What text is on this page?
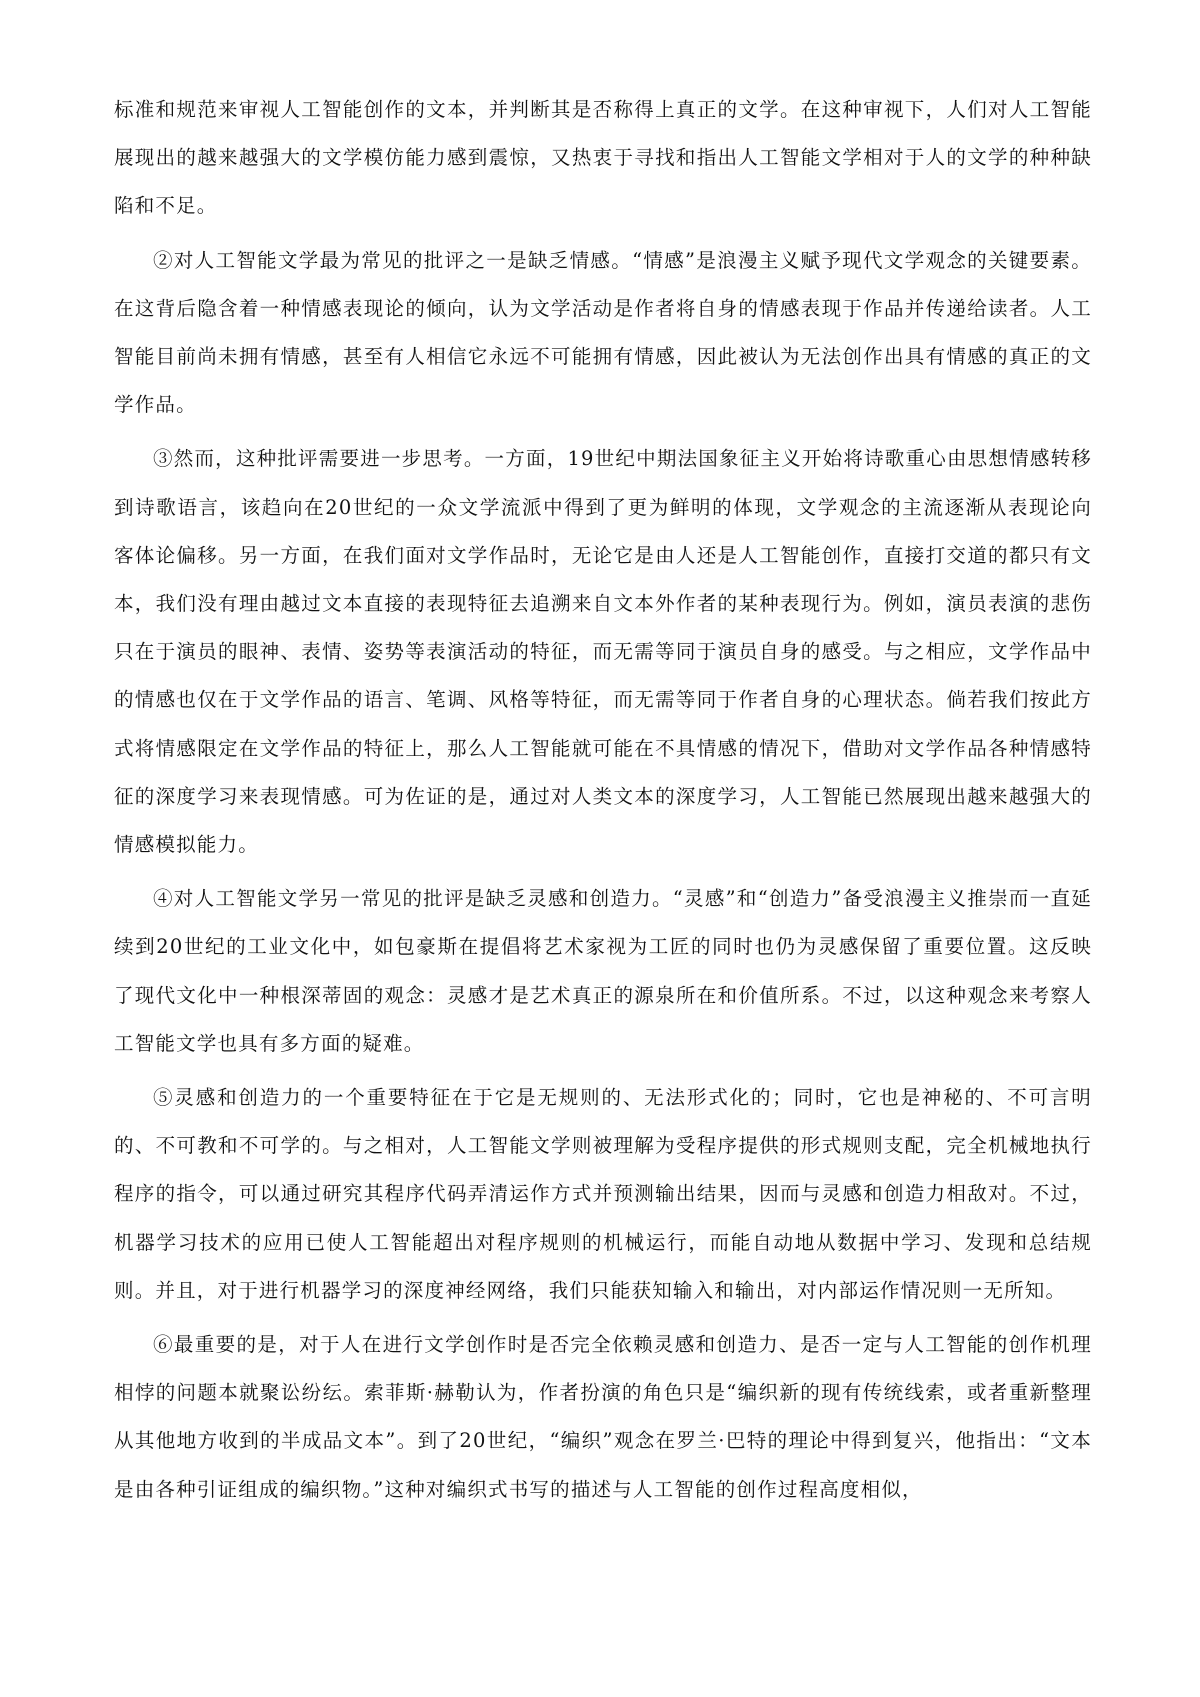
标准和规范来审视人工智能创作的文本，并判断其是否称得上真正的文学。在这种审视下，人们对人工智能展现出的越来越强大的文学模仿能力感到震惊，又热衷于寻找和指出人工智能文学相对于人的文学的种种缺陷和不足。

②对人工智能文学最为常见的批评之一是缺乏情感。“情感”是浪漫主义赋予现代文学观念的关键要素。在这背后隐含着一种情感表现论的倾向，认为文学活动是作者将自身的情感表现于作品并传递给读者。人工智能目前尚未拥有情感，甚至有人相信它永远不可能拥有情感，因此被认为无法创作出具有情感的真正的文学作品。

③然而，这种批评需要进一步思考。一方面，19世纪中期法国象征主义开始将诗歌重心由思想情感转移到诗歌语言，该趋向在20世纪的一众文学流派中得到了更为鲜明的体现，文学观念的主流逐渐从表现论向客体论偏移。另一方面，在我们面对文学作品时，无论它是由人还是人工智能创作，直接打交道的都只有文本，我们没有理由越过文本直接的表现特征去追溯来自文本外作者的某种表现行为。例如，演员表演的悲伤只在于演员的眼神、表情、姿势等表演活动的特征，而无需等同于演员自身的感受。与之相应，文学作品中的情感也仅在于文学作品的语言、笔调、风格等特征，而无需等同于作者自身的心理状态。倘若我们按此方式将情感限定在文学作品的特征上，那么人工智能就可能在不具情感的情况下，借助对文学作品各种情感特征的深度学习来表现情感。可为佐证的是，通过对人类文本的深度学习，人工智能已然展现出越来越强大的情感模拟能力。

④对人工智能文学另一常见的批评是缺乏灵感和创造力。“灵感”和“创造力”备受浪漫主义推崇而一直延续到20世纪的工业文化中，如包豪斯在提倡将艺术家视为工匠的同时也仍为灵感保留了重要位置。这反映了现代文化中一种根深蒂固的观念：灵感才是艺术真正的源泉所在和价值所系。不过，以这种观念来考察人工智能文学也具有多方面的疑难。

⑤灵感和创造力的一个重要特征在于它是无规则的、无法形式化的；同时，它也是神秘的、不可言明的、不可教和不可学的。与之相对，人工智能文学则被理解为受程序提供的形式规则支配，完全机械地执行程序的指令，可以通过研究其程序代码弄清运作方式并预测输出结果，因而与灵感和创造力相敌对。不过，机器学习技术的应用已使人工智能超出对程序规则的机械运行，而能自动地从数据中学习、发现和总结规则。并且，对于进行机器学习的深度神经网络，我们只能获知输入和输出，对内部运作情况则一无所知。

⑥最重要的是，对于人在进行文学创作时是否完全依赖灵感和创造力、是否一定与人工智能的创作机理相悖的问题本就聚讼纷纭。索菲斯·赫勒认为，作者扮演的角色只是“编织新的现有传统线索，或者重新整理从其他地方收到的半成品文本”。到了20世纪，“编织”观念在罗兰·巴特的理论中得到复兴，他指出：“文本是由各种引证组成的编织物。”这种对编织式书写的描述与人工智能的创作过程高度相似，
